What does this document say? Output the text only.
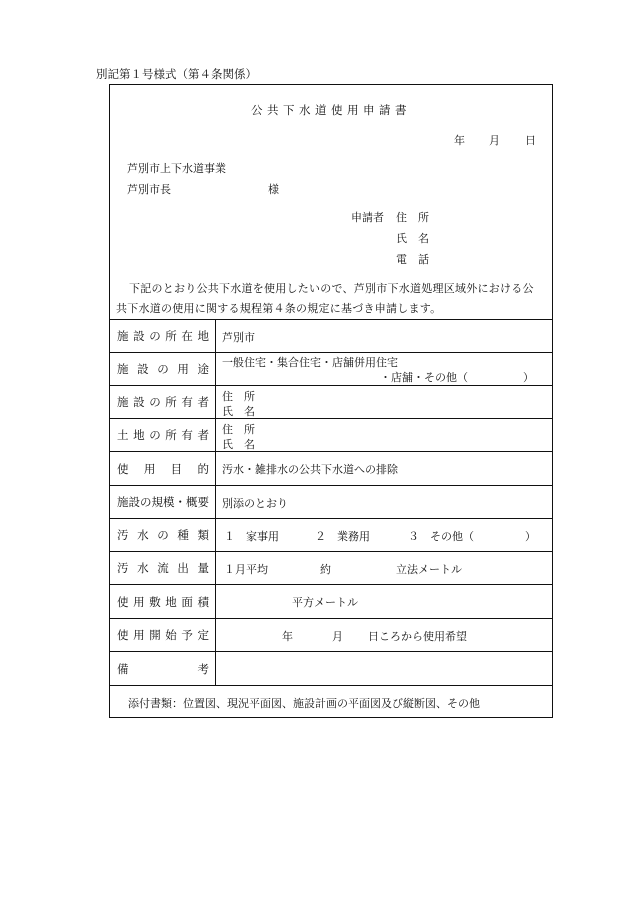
別記第１号様式（第４条関係）
公共下水道使用申請書
年 月 日
芦別市上下水道事業
芦別市長	様
申請者 住　所
氏　名
電　話
下記のとおり公共下水道を使用したいので、芦別市下水道処理区域外における公
共下水道の使用に関する規程第４条の規定に基づき申請します。
施設の所在地 芦別市
施設の用途 一般住宅・集合住宅・店舗併用住宅
・店舗・その他（　　　　　）
施設の所有者 住　所
氏　名
土地の所有者 住　所
氏　名
使用目的 汚水・雑排水の公共下水道への排除
施設の規模・概要 別添のとおり
汚水の種類 １　家事用	２　業務用	３　その他（	）
汚水流出量 １月平均	約	立法メートル
使用敷地面積	平方メートル
使用開始予定	年	月 日ころから使用希望
備考
添付書類：位置図、現況平面図、施設計画の平面図及び縦断図、その他
